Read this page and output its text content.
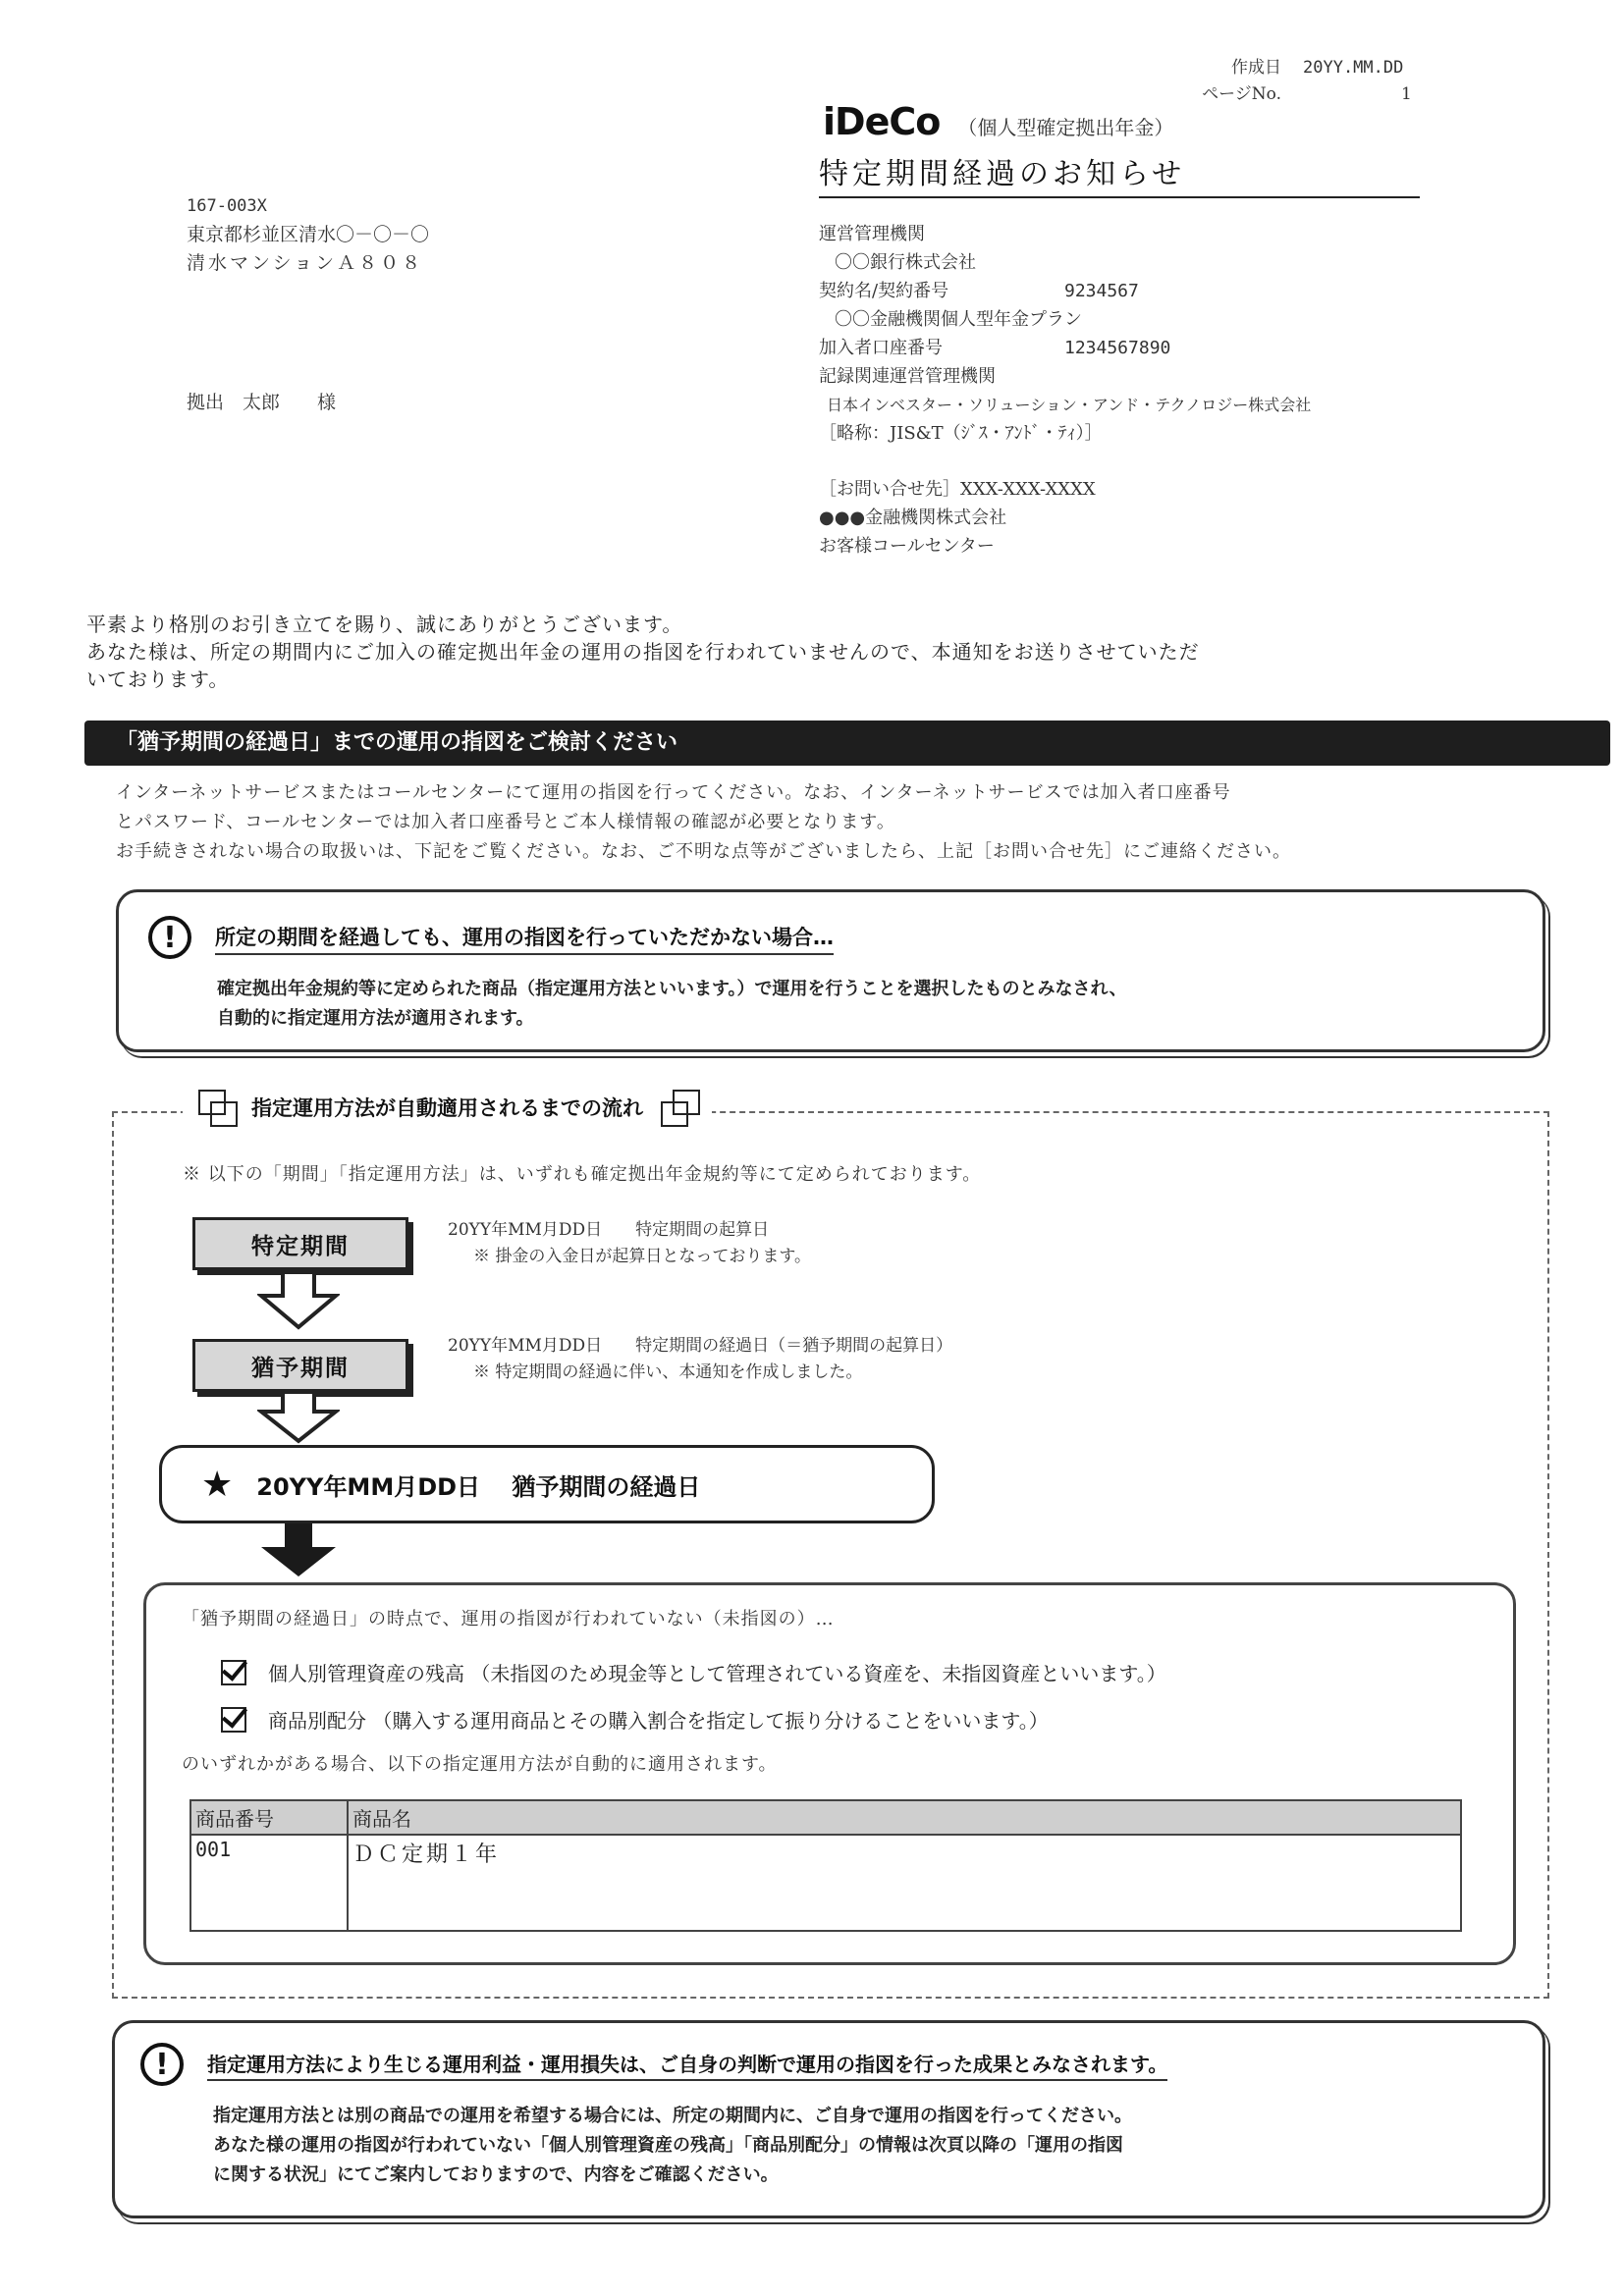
作成日 20YY.MM.DD
ページNo.	1
iDeCo （個人型確定拠出年金）
特定期間経過のお知らせ
167-003X
東京都杉並区清水〇－〇－〇
清水マンションＡ８０８
拠出　太郎　　様
運営管理機関
〇〇銀行株式会社
契約名/契約番号	9234567
〇〇金融機関個人型年金プラン
加入者口座番号	1234567890
記録関連運営管理機関
日本インベスター・ソリューション・アンド・テクノロジー株式会社
［略称：JIS&T（ｼﾞｽ・ｱﾝﾄﾞ・ﾃｨ）］
［お問い合せ先］XXX-XXX-XXXX
●●●金融機関株式会社
お客様コールセンター
平素より格別のお引き立てを賜り、誠にありがとうございます。
あなた様は、所定の期間内にご加入の確定拠出年金の運用の指図を行われていませんので、本通知をお送りさせていただ
いております。
「猶予期間の経過日」までの運用の指図をご検討ください
インターネットサービスまたはコールセンターにて運用の指図を行ってください。なお、インターネットサービスでは加入者口座番号
とパスワード、コールセンターでは加入者口座番号とご本人様情報の確認が必要となります。
お手続きされない場合の取扱いは、下記をご覧ください。なお、ご不明な点等がございましたら、上記［お問い合せ先］にご連絡ください。
!	所定の期間を経過しても、運用の指図を行っていただかない場合…
確定拠出年金規約等に定められた商品（指定運用方法といいます。）で運用を行うことを選択したものとみなされ、
自動的に指定運用方法が適用されます。
指定運用方法が自動適用されるまでの流れ
※ 以下の「期間」「指定運用方法」は、いずれも確定拠出年金規約等にて定められております。
特定期間
20YY年MM月DD日　　特定期間の起算日
※ 掛金の入金日が起算日となっております。
猶予期間
20YY年MM月DD日　　特定期間の経過日（＝猶予期間の起算日）
※ 特定期間の経過に伴い、本通知を作成しました。
★ 20YY年MM月DD日　 猶予期間の経過日
「猶予期間の経過日」の時点で、運用の指図が行われていない（未指図の）…
個人別管理資産の残高 （未指図のため現金等として管理されている資産を、未指図資産といいます。）
商品別配分 （購入する運用商品とその購入割合を指定して振り分けることをいいます。）
のいずれかがある場合、以下の指定運用方法が自動的に適用されます。
商品番号	商品名
001	ＤＣ定期１年
!	指定運用方法により生じる運用利益・運用損失は、ご自身の判断で運用の指図を行った成果とみなされます。
指定運用方法とは別の商品での運用を希望する場合には、所定の期間内に、ご自身で運用の指図を行ってください。
あなた様の運用の指図が行われていない「個人別管理資産の残高」「商品別配分」の情報は次頁以降の「運用の指図
に関する状況」にてご案内しておりますので、内容をご確認ください。
